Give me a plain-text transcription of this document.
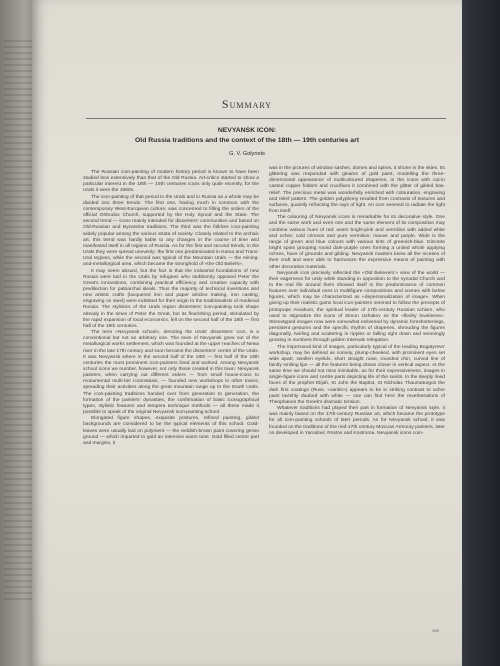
Summary
NEVYANSK ICON:
Old Russia traditions and the context of the 18th — 19th centuries art
G. V. Golynets

The Russian icon-painting of modern history period is known to have been studied less extensively than that of the Old Russia. Art-critics started to show a particular interest in the 18th — 19th centuries icons only quite recently, for the Urals it were the 1980s.

The icon-painting of that period in the Urals and in Russia as a whole may be divided into three trends. The first one, having much in common with the contemporary West-European culture, was concerned to filling the orders of the official Orthodox Church, supported by the Holy Synod and the State. The second trend — icons mainly intended for dissenters' communities and based on Old-Russian and Byzantine traditions. The third was the folklore icon-painting widely popular among the various strata of society. Closely related to the archaic art, this trend was hardly liable to any changes in the course of time and manifested itself in all regions of Russia. As for the first and second trends, in the Urals they were spread unevenly: the first one predominated in Kama and Trans-Ural regions, while the second was typical of the Mountain Urals — the mining-and-metallurgical area, which became the stronghold of «the Old Beliefs».

It may seem absurd, but the fact is that the industrial foundations of new Russia were laid in the Urals by refugees who stubbornly opposed Peter the Great's innovations, combining practical efficiency and creative capacity with predilection for patriarchal ideals. Thus the majority of technical inventions and new artistic crafts (lacquered iron and paper articles making, iron casting, engraving on steel) were indebted for their origin to the traditionalists of medieval Russia. The stylistics of the Urals region dissenters' icon-painting took shape already in the times of Peter the Great, but its flourishing period, stimulated by the rapid expansion of local economics, fell on the second half of the 18th — first half of the 19th centuries.

The term «Nevyansk school», denoting the Urals' dissenters' icon, is a conventional but not an arbitrary one. The town of Nevyansk grew out of the metallurgical works settlement, which was founded at the upper reaches of Neiva river in the late 17th century and soon became the dissenters' centre of the Urals. It was Nevyansk where in the second half of the 18th — first half of the 19th centuries the most prominent icon-painters lived and worked. Among Nevyansk school icons we number, however, not only those created in this town: Nevyansk painters, when carrying out different orders — from small house-icons to monumental multi-tier iconostasis, — founded new workshops in other towns, spreading their activities along the great mountain range up to the South Urals. The icon-painting traditions handed over from generation to generation, the formation of the painters' dynasties, the confirmation of basic iconographical types, stylistic features and tempera technique methods — all these made it possible to speak of the original Nevyansk icon-painting school.

Elongated figure shapes, exquisite postures, refined painting, gilded backgrounds are considered to be the typical elements of this school. Gold-leaves were usually laid on polyment — the reddish-brown paint covering gesso ground — which imparted to gold an intensive warm tone. Gold filled centre part and margins, it

was in the pictures of window sashes, domes and spires, it shone in the skies. Its glittering was responded with gleams of gold paint, modelling the three-dimensional appearance of multicoloured draperies, in the icons with cut-in casted copper folders and crucifixes it combined with the glitter of gilded bas-relief. The precious metal was wonderfully enriched with colouration, engraving and relief pattern. The golden polyphony resulted from contrasts of textures and surfaces, quaintly refracting the rays of light. An icon seemed to radiate the light from itself.

The colouring of Nevyansk icons is remarkable for its decorative style. One and the same work and even one and the same element of its composition may combine various hues of red: warm bright-pink and vermilion with added white and ochre; cold crimson and pure vermilion; mauve and purple. Wide is the range of green and blue colours with various tints of greenish-blue. Discrete bright spots grouping round dark-purple ones forming a united whole applying ochres, hues of grounds and gilding. Nevyansk masters knew all the niceties of their craft and were able to harmonize the expressive means of painting with other decorative materials.

Nevyansk icon precisely reflected the «Old Believers'» view of the world — their eagerness for unity while standing in opposition to the synodal Church and to the real life around them showed itself in the predominance of common features over individual ones in multifigure compositions and scenes with below figures, which may be characterized as «depersonalization of image». When giving up their realistic gains local icon-painters seemed to follow the precepts of protopope Avvakum, the spiritual leader of 17th-century Russian schism, who used to stigmatize the icons of Simon Ushakov as the «fleshy loveliness». Stereotyped images now were somewhat enlivened by dynamic foreshortenings, persistent gestures and the specific rhythm of draperies, shrouding the figures diagonally, twirling and scattering in ripples or falling right down and seemingly growing in numbers through golden intervals relegation.

The impersonal kind of images, particularly typical of the leading Bogatyrevs' workshop, may be defined as comely, plump-cheeked, with prominent eyes set wide apart, swollen eyelids, short straight nose, rounded chin, curved line of faintly smiling lips — all the features being drawn closer in vertical aspect. At the same time we should not miss inimitable, as for their expressiveness, images in single-figure icons and centre parts depicting life of the saints. In the deeply lined faces of the prophet Elijah, St John the Baptist, St Nicholas Thaumaturgos the dark first coatings (Russ. «sankir») appears to be in striking contrast to ochre paint lavishly daubed with white — one can find here the reverberations of Theophanes the Greek's dramatic tension.

Whatever traditions had played their part in formation of Nevyansk style, it was mainly based on the 17th-century Russian art, which became the prototype for all icon-painting schools of later periods. As for Nevyansk school, it was founded on the traditions of the mid-17th century Moscow Armoury painters, later on developed in Yaroslavl, Rostov and Kostroma. Nevyansk icons com-

199
